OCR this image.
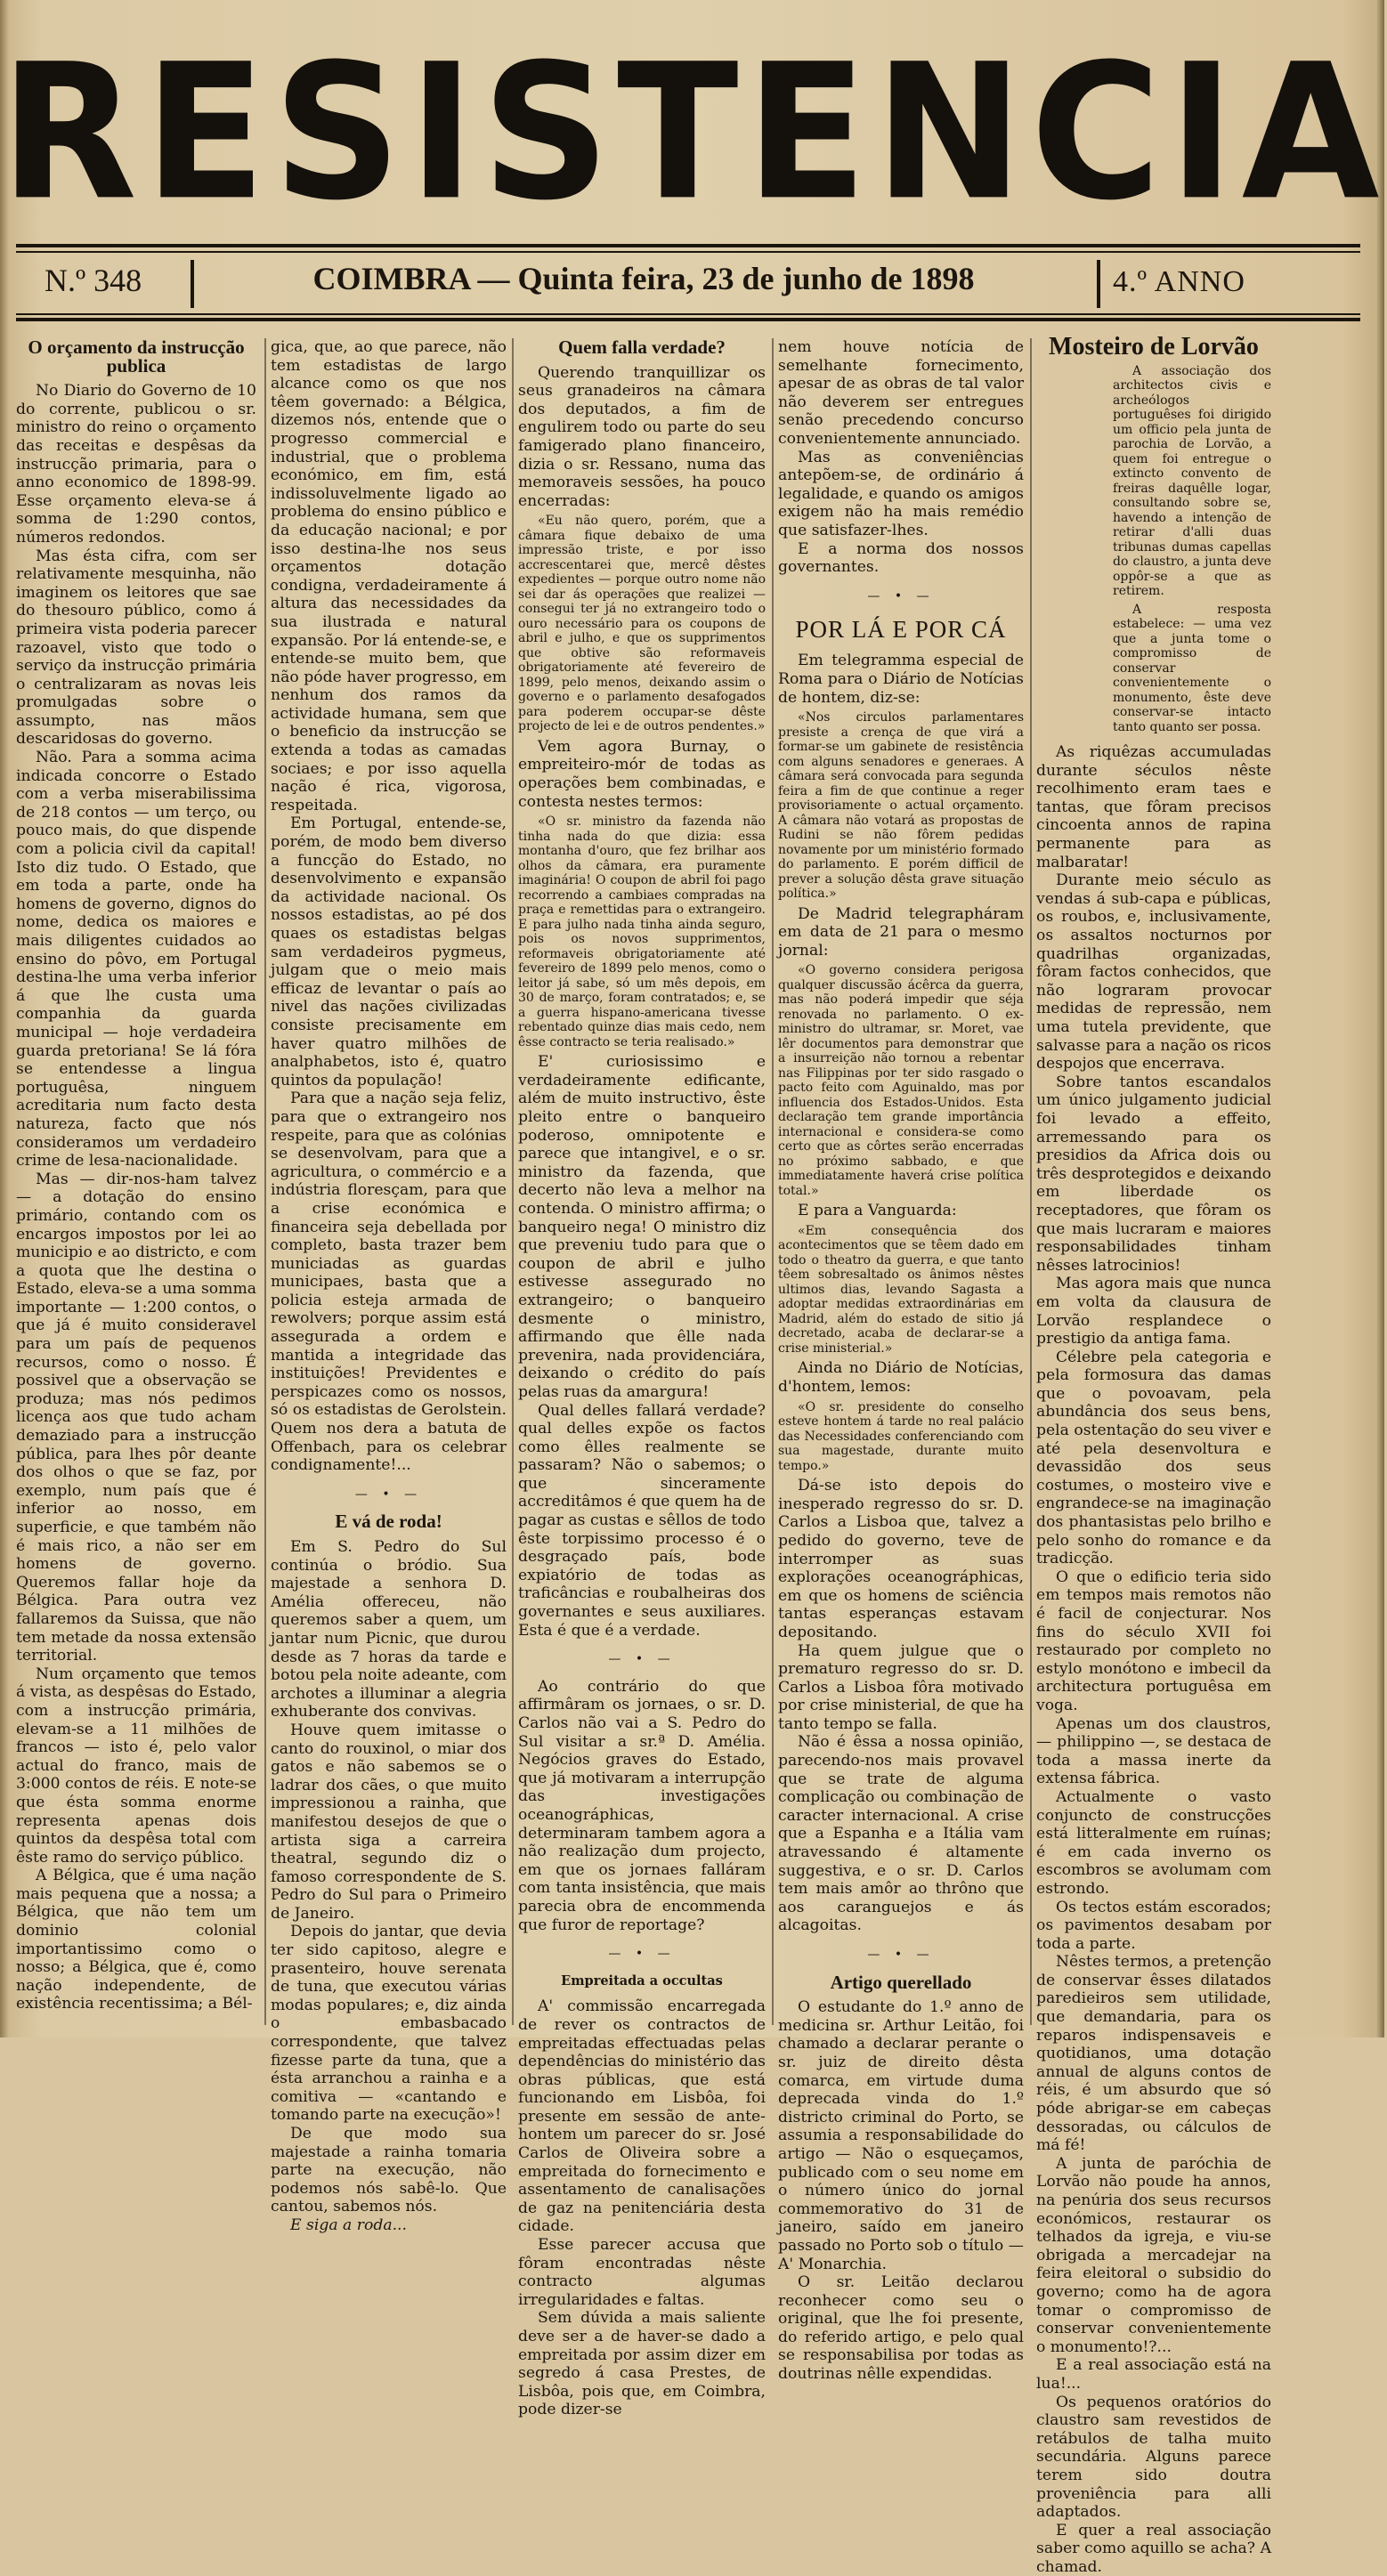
RESISTENCIA
N.º 348	COIMBRA — Quinta feira, 23 de junho de 1898	4.º ANNO
O orçamento da instrucção publica

No Diario do Governo de 10 do corrente, publicou o sr. ministro do reino o orçamento das receitas e despêsas da instrucção primaria, para o anno economico de 1898-99. Esse orçamento eleva-se á somma de 1:290 contos, números redondos.

Mas ésta cifra, com ser relativamente mesquinha, não imaginem os leitores que sae do thesouro público, como á primeira vista poderia parecer razoavel, visto que todo o serviço da instrucção primária o centralizaram as novas leis promulgadas sobre o assumpto, nas mãos descaridosas do governo.

Não. Para a somma acima indicada concorre o Estado com a verba miserabilissima de 218 contos — um terço, ou pouco mais, do que dispende com a policia civil da capital! Isto diz tudo. O Estado, que em toda a parte, onde ha homens de governo, dignos do nome, dedica os maiores e mais diligentes cuidados ao ensino do pôvo, em Portugal destina-lhe uma verba inferior á que lhe custa uma companhia da guarda municipal — hoje verdadeira guarda pretoriana! Se lá fóra se entendesse a lingua portuguêsa, ninguem acreditaria num facto desta natureza, facto que nós consideramos um verdadeiro crime de lesa-nacionalidade.

Mas — dir-nos-ham talvez — a dotação do ensino primário, contando com os encargos impostos por lei ao municipio e ao districto, e com a quota que lhe destina o Estado, eleva-se a uma somma importante — 1:200 contos, o que já é muito consideravel para um país de pequenos recursos, como o nosso. É possivel que a observação se produza; mas nós pedimos licença aos que tudo acham demaziado para a instrucção pública, para lhes pôr deante dos olhos o que se faz, por exemplo, num país que é inferior ao nosso, em superficie, e que também não é mais rico, a não ser em homens de governo. Queremos fallar hoje da Bélgica. Para outra vez fallaremos da Suissa, que não tem metade da nossa extensão territorial.

Num orçamento que temos á vista, as despêsas do Estado, com a instrucção primária, elevam-se a 11 milhões de francos — isto é, pelo valor actual do franco, mais de 3:000 contos de réis. E note-se que ésta somma enorme representa apenas dois quintos da despêsa total com êste ramo do serviço público.

A Bélgica, que é uma nação mais pequena que a nossa; a Bélgica, que não tem um dominio colonial importantissimo como o nosso; a Bélgica, que é, como nação independente, de existência recentissima; a Bél-

gica, que, ao que parece, não tem estadistas de largo alcance como os que nos têem governado: a Bélgica, dizemos nós, entende que o progresso commercial e industrial, que o problema económico, em fim, está indissoluvelmente ligado ao problema do ensino público e da educação nacional; e por isso destina-lhe nos seus orçamentos dotação condigna, verdadeiramente á altura das necessidades da sua ilustrada e natural expansão. Por lá entende-se, e entende-se muito bem, que não póde haver progresso, em nenhum dos ramos da actividade humana, sem que o beneficio da instrucção se extenda a todas as camadas sociaes; e por isso aquella nação é rica, vigorosa, respeitada.

Em Portugal, entende-se, porém, de modo bem diverso a funcção do Estado, no desenvolvimento e expansão da actividade nacional. Os nossos estadistas, ao pé dos quaes os estadistas belgas sam verdadeiros pygmeus, julgam que o meio mais efficaz de levantar o país ao nivel das nações civilizadas consiste precisamente em haver quatro milhões de analphabetos, isto é, quatro quintos da população!

Para que a nação seja feliz, para que o extrangeiro nos respeite, para que as colónias se desenvolvam, para que a agricultura, o commércio e a indústria floresçam, para que a crise económica e financeira seja debellada por completo, basta trazer bem municiadas as guardas municipaes, basta que a policia esteja armada de rewolvers; porque assim está assegurada a ordem e mantida a integridade das instituições! Previdentes e perspicazes como os nossos, só os estadistas de Gerolstein. Quem nos dera a batuta de Offenbach, para os celebrar condignamente!...

— • —
E vá de roda!

Em S. Pedro do Sul continúa o bródio. Sua majestade a senhora D. Amélia offereceu, não queremos saber a quem, um jantar num Picnic, que durou desde as 7 horas da tarde e botou pela noite adeante, com archotes a illuminar a alegria exhuberante dos convivas.

Houve quem imitasse o canto do rouxinol, o miar dos gatos e não sabemos se o ladrar dos cães, o que muito impressionou a rainha, que manifestou desejos de que o artista siga a carreira theatral, segundo diz o famoso correspondente de S. Pedro do Sul para o Primeiro de Janeiro.

Depois do jantar, que devia ter sido capitoso, alegre e prasenteiro, houve serenata de tuna, que executou várias modas populares; e, diz ainda o embasbacado correspondente, que talvez fizesse parte da tuna, que a ésta arranchou a rainha e a comitiva — «cantando e tomando parte na execução»!

De que modo sua majestade a rainha tomaria parte na execução, não podemos nós sabê-lo. Que cantou, sabemos nós.

E siga a roda...

Quem falla verdade?

Querendo tranquillizar os seus granadeiros na câmara dos deputados, a fim de engulirem todo ou parte do seu famigerado plano financeiro, dizia o sr. Ressano, numa das memoraveis sessões, ha pouco encerradas:

«Eu não quero, porém, que a câmara fique debaixo de uma impressão triste, e por isso accrescentarei que, mercê dêstes expedientes — porque outro nome não sei dar ás operações que realizei — consegui ter já no extrangeiro todo o ouro necessário para os coupons de abril e julho, e que os supprimentos que obtive são reformaveis obrigatoriamente até fevereiro de 1899, pelo menos, deixando assim o governo e o parlamento desafogados para poderem occupar-se dêste projecto de lei e de outros pendentes.»

Vem agora Burnay, o empreiteiro-mór de todas as operações bem combinadas, e contesta nestes termos:

«O sr. ministro da fazenda não tinha nada do que dizia: essa montanha d'ouro, que fez brilhar aos olhos da câmara, era puramente imaginária! O coupon de abril foi pago recorrendo a cambiaes compradas na praça e remettidas para o extrangeiro. E para julho nada tinha ainda seguro, pois os novos supprimentos, reformaveis obrigatoriamente até fevereiro de 1899 pelo menos, como o leitor já sabe, só um mês depois, em 30 de março, foram contratados; e, se a guerra hispano-americana tivesse rebentado quinze dias mais cedo, nem êsse contracto se teria realisado.»

E' curiosissimo e verdadeiramente edificante, além de muito instructivo, êste pleito entre o banqueiro poderoso, omnipotente e parece que intangivel, e o sr. ministro da fazenda, que decerto não leva a melhor na contenda. O ministro affirma; o banqueiro nega! O ministro diz que preveniu tudo para que o coupon de abril e julho estivesse assegurado no extrangeiro; o banqueiro desmente o ministro, affirmando que êlle nada prevenira, nada providenciára, deixando o crédito do país pelas ruas da amargura!

Qual delles fallará verdade? qual delles expõe os factos como êlles realmente se passaram? Não o sabemos; o que sinceramente accreditâmos é que quem ha de pagar as custas e sêllos de todo êste torpissimo processo é o desgraçado país, bode expiatório de todas as traficâncias e roubalheiras dos governantes e seus auxiliares. Esta é que é a verdade.

— • —

Ao contrário do que affirmâram os jornaes, o sr. D. Carlos não vai a S. Pedro do Sul visitar a sr.ª D. Amélia. Negócios graves do Estado, que já motivaram a interrupção das investigações oceanográphicas, determinaram tambem agora a não realização dum projecto, em que os jornaes falláram com tanta insistência, que mais parecia obra de encommenda que furor de reportage?

— • —
Empreitada a occultas

A' commissão encarregada de rever os contractos de empreitadas effectuadas pelas dependências do ministério das obras públicas, que está funcionando em Lisbôa, foi presente em sessão de ante-hontem um parecer do sr. José Carlos de Oliveira sobre a empreitada do fornecimento e assentamento de canalisações de gaz na penitenciária desta cidade.

Esse parecer accusa que fôram encontradas nêste contracto algumas irregularidades e faltas.

Sem dúvida a mais saliente deve ser a de haver-se dado a empreitada por assim dizer em segredo á casa Prestes, de Lisbôa, pois que, em Coimbra, pode dizer-se

nem houve notícia de semelhante fornecimento, apesar de as obras de tal valor não deverem ser entregues senão precedendo concurso convenientemente annunciado.

Mas as conveniências antepõem-se, de ordinário á legalidade, e quando os amigos exigem não ha mais remédio que satisfazer-lhes.

E a norma dos nossos governantes.

— • —
POR LÁ E POR CÁ

Em telegramma especial de Roma para o Diário de Notícias de hontem, diz-se:

«Nos circulos parlamentares presiste a crença de que virá a formar-se um gabinete de resistência com alguns senadores e generaes. A câmara será convocada para segunda feira a fim de que continue a reger provisoriamente o actual orçamento. A câmara não votará as propostas de Rudini se não fôrem pedidas novamente por um ministério formado do parlamento. E porém difficil de prever a solução dêsta grave situação política.»

De Madrid telegrapháram em data de 21 para o mesmo jornal:

«O governo considera perigosa qualquer discussão ácêrca da guerra, mas não poderá impedir que séja renovada no parlamento. O ex-ministro do ultramar, sr. Moret, vae lêr documentos para demonstrar que a insurreição não tornou a rebentar nas Filippinas por ter sido rasgado o pacto feito com Aguinaldo, mas por influencia dos Estados-Unidos. Esta declaração tem grande importância internacional e considera-se como certo que as côrtes serão encerradas no próximo sabbado, e que immediatamente haverá crise política total.»

E para a Vanguarda:

«Em consequência dos acontecimentos que se têem dado em todo o theatro da guerra, e que tanto têem sobresaltado os ânimos nêstes ultimos dias, levando Sagasta a adoptar medidas extraordinárias em Madrid, além do estado de sitio já decretado, acaba de declarar-se a crise ministerial.»

Ainda no Diário de Notícias, d'hontem, lemos:

«O sr. presidente do conselho esteve hontem á tarde no real palácio das Necessidades conferenciando com sua magestade, durante muito tempo.»

Dá-se isto depois do inesperado regresso do sr. D. Carlos a Lisboa que, talvez a pedido do governo, teve de interromper as suas explorações oceanográphicas, em que os homens de sciência tantas esperanças estavam depositando.

Ha quem julgue que o prematuro regresso do sr. D. Carlos a Lisboa fôra motivado por crise ministerial, de que ha tanto tempo se falla.

Não é êssa a nossa opinião, parecendo-nos mais provavel que se trate de alguma complicação ou combinação de caracter internacional. A crise que a Espanha e a Itália vam atravessando é altamente suggestiva, e o sr. D. Carlos tem mais amôr ao thrôno que aos caranguejos e ás alcagoitas.

— • —
Artigo querellado

O estudante do 1.º anno de medicina sr. Arthur Leitão, foi chamado a declarar perante o sr. juiz de direito dêsta comarca, em virtude duma deprecada vinda do 1.º districto criminal do Porto, se assumia a responsabilidade do artigo — Não o esqueçamos, publicado com o seu nome em o número único do jornal commemorativo do 31 de janeiro, saído em janeiro passado no Porto sob o título — A' Monarchia.

O sr. Leitão declarou reconhecer como seu o original, que lhe foi presente, do referido artigo, e pelo qual se responsabilisa por todas as doutrinas nêlle expendidas.

Mosteiro de Lorvão

A associação dos architectos civis e archeólogos portuguêses foi dirigido um officio pela junta de parochia de Lorvão, a quem foi entregue o extincto convento de freiras daquêlle logar, consultando sobre se, havendo a intenção de retirar d'alli duas tribunas dumas capellas do claustro, a junta deve oppôr-se a que as retirem.

A resposta estabelece: — uma vez que a junta tome o compromisso de conservar convenientemente o monumento, êste deve conservar-se intacto tanto quanto ser possa.

As riquêzas accumuladas durante séculos nêste recolhimento eram taes e tantas, que fôram precisos cincoenta annos de rapina permanente para as malbaratar!

Durante meio século as vendas á sub-capa e públicas, os roubos, e, inclusivamente, os assaltos nocturnos por quadrilhas organizadas, fôram factos conhecidos, que não lograram provocar medidas de repressão, nem uma tutela previdente, que salvasse para a nação os ricos despojos que encerrava.

Sobre tantos escandalos um único julgamento judicial foi levado a effeito, arremessando para os presidios da Africa dois ou três desprotegidos e deixando em liberdade os receptadores, que fôram os que mais lucraram e maiores responsabilidades tinham nêsses latrocinios!

Mas agora mais que nunca em volta da clausura de Lorvão resplandece o prestigio da antiga fama.

Célebre pela categoria e pela formosura das damas que o povoavam, pela abundância dos seus bens, pela ostentação do seu viver e até pela desenvoltura e devassidão dos seus costumes, o mosteiro vive e engrandece-se na imaginação dos phantasistas pelo brilho e pelo sonho do romance e da tradicção.

O que o edificio teria sido em tempos mais remotos não é facil de conjecturar. Nos fins do século XVII foi restaurado por completo no estylo monótono e imbecil da architectura portuguêsa em voga.

Apenas um dos claustros, — philippino —, se destaca de toda a massa inerte da extensa fábrica.

Actualmente o vasto conjuncto de construcções está litteralmente em ruínas; é em cada inverno os escombros se avolumam com estrondo.

Os tectos estám escorados; os pavimentos desabam por toda a parte.

Nêstes termos, a pretenção de conservar êsses dilatados paredieiros sem utilidade, que demandaria, para os reparos indispensaveis e quotidianos, uma dotação annual de alguns contos de réis, é um absurdo que só póde abrigar-se em cabeças dessoradas, ou cálculos de má fé!

A junta de paróchia de Lorvão não poude ha annos, na penúria dos seus recursos económicos, restaurar os telhados da igreja, e viu-se obrigada a mercadejar na feira eleitoral o subsidio do governo; como ha de agora tomar o compromisso de conservar convenientemente o monumento!?...

E a real associação está na lua!...

Os pequenos oratórios do claustro sam revestidos de retábulos de talha muito secundária. Alguns parece terem sido doutra proveniência para alli adaptados.

E quer a real associação saber como aquillo se acha? A chamad.
